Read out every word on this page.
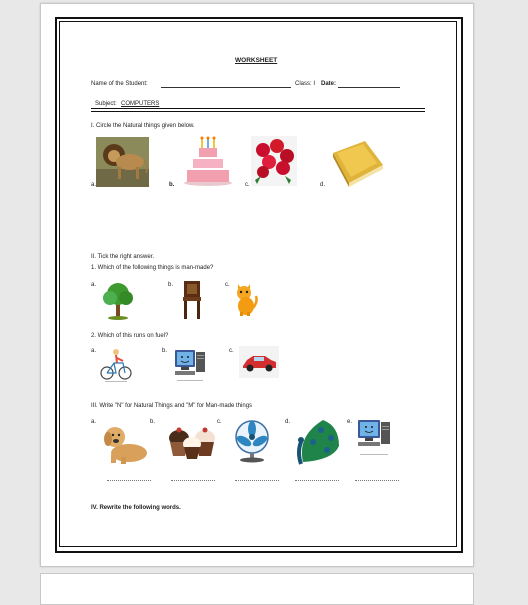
WORKSHEET
Name of the Student:	Class: I Date:
Subject: COMPUTERS
I. Circle the Natural things given below.
a.	b.	c.	d.
II. Tick the right answer.
1. Which of the following things is man-made?
a.	b.	c.
2. Which of this runs on fuel?
a.	b.	c.
III. Write "N" for Natural Things and "M" for Man-made things
a.	b.	c.	d.	e.
IV. Rewrite the following words.
